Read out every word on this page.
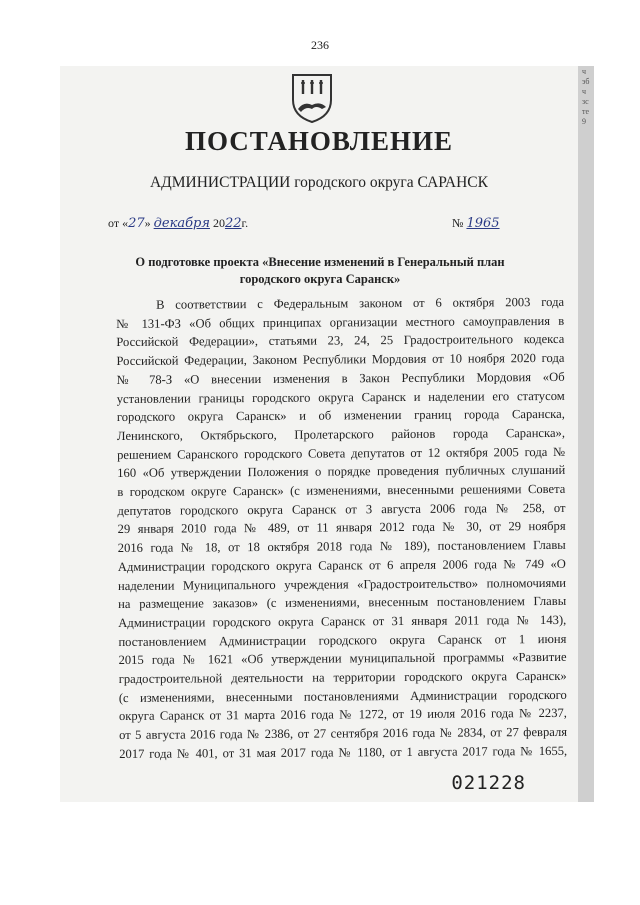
236
ПОСТАНОВЛЕНИЕ
АДМИНИСТРАЦИИ городского округа САРАНСК
от «27» декабря 2022г.	№ 1965
О подготовке проекта «Внесение изменений в Генеральный план
городского округа Саранск»
В соответствии с Федеральным законом от 6 октября 2003 года
№ 131-ФЗ «Об общих принципах организации местного самоуправления в
Российской Федерации», статьями 23, 24, 25 Градостроительного кодекса
Российской Федерации, Законом Республики Мордовия от 10 ноября 2020 года
№ 78-З «О внесении изменения в Закон Республики Мордовия «Об
установлении границы городского округа Саранск и наделении его статусом
городского округа Саранск» и об изменении границ города Саранска,
Ленинского, Октябрьского, Пролетарского районов города Саранска»,
решением Саранского городского Совета депутатов от 12 октября 2005 года №
160 «Об утверждении Положения о порядке проведения публичных слушаний
в городском округе Саранск» (с изменениями, внесенными решениями Совета
депутатов городского округа Саранск от 3 августа 2006 года № 258, от
29 января 2010 года № 489, от 11 января 2012 года № 30, от 29 ноября
2016 года № 18, от 18 октября 2018 года № 189), постановлением Главы
Администрации городского округа Саранск от 6 апреля 2006 года № 749 «О
наделении Муниципального учреждения «Градостроительство» полномочиями
на размещение заказов» (с изменениями, внесенным постановлением Главы
Администрации городского округа Саранск от 31 января 2011 года № 143),
постановлением Администрации городского округа Саранск от 1 июня
2015 года № 1621 «Об утверждении муниципальной программы «Развитие
градостроительной деятельности на территории городского округа Саранск»
(с изменениями, внесенными постановлениями Администрации городского
округа Саранск от 31 марта 2016 года № 1272, от 19 июля 2016 года № 2237,
от 5 августа 2016 года № 2386, от 27 сентября 2016 года № 2834, от 27 февраля
2017 года № 401, от 31 мая 2017 года № 1180, от 1 августа 2017 года № 1655,
021228
ч
эб
ч
зс
те
9
